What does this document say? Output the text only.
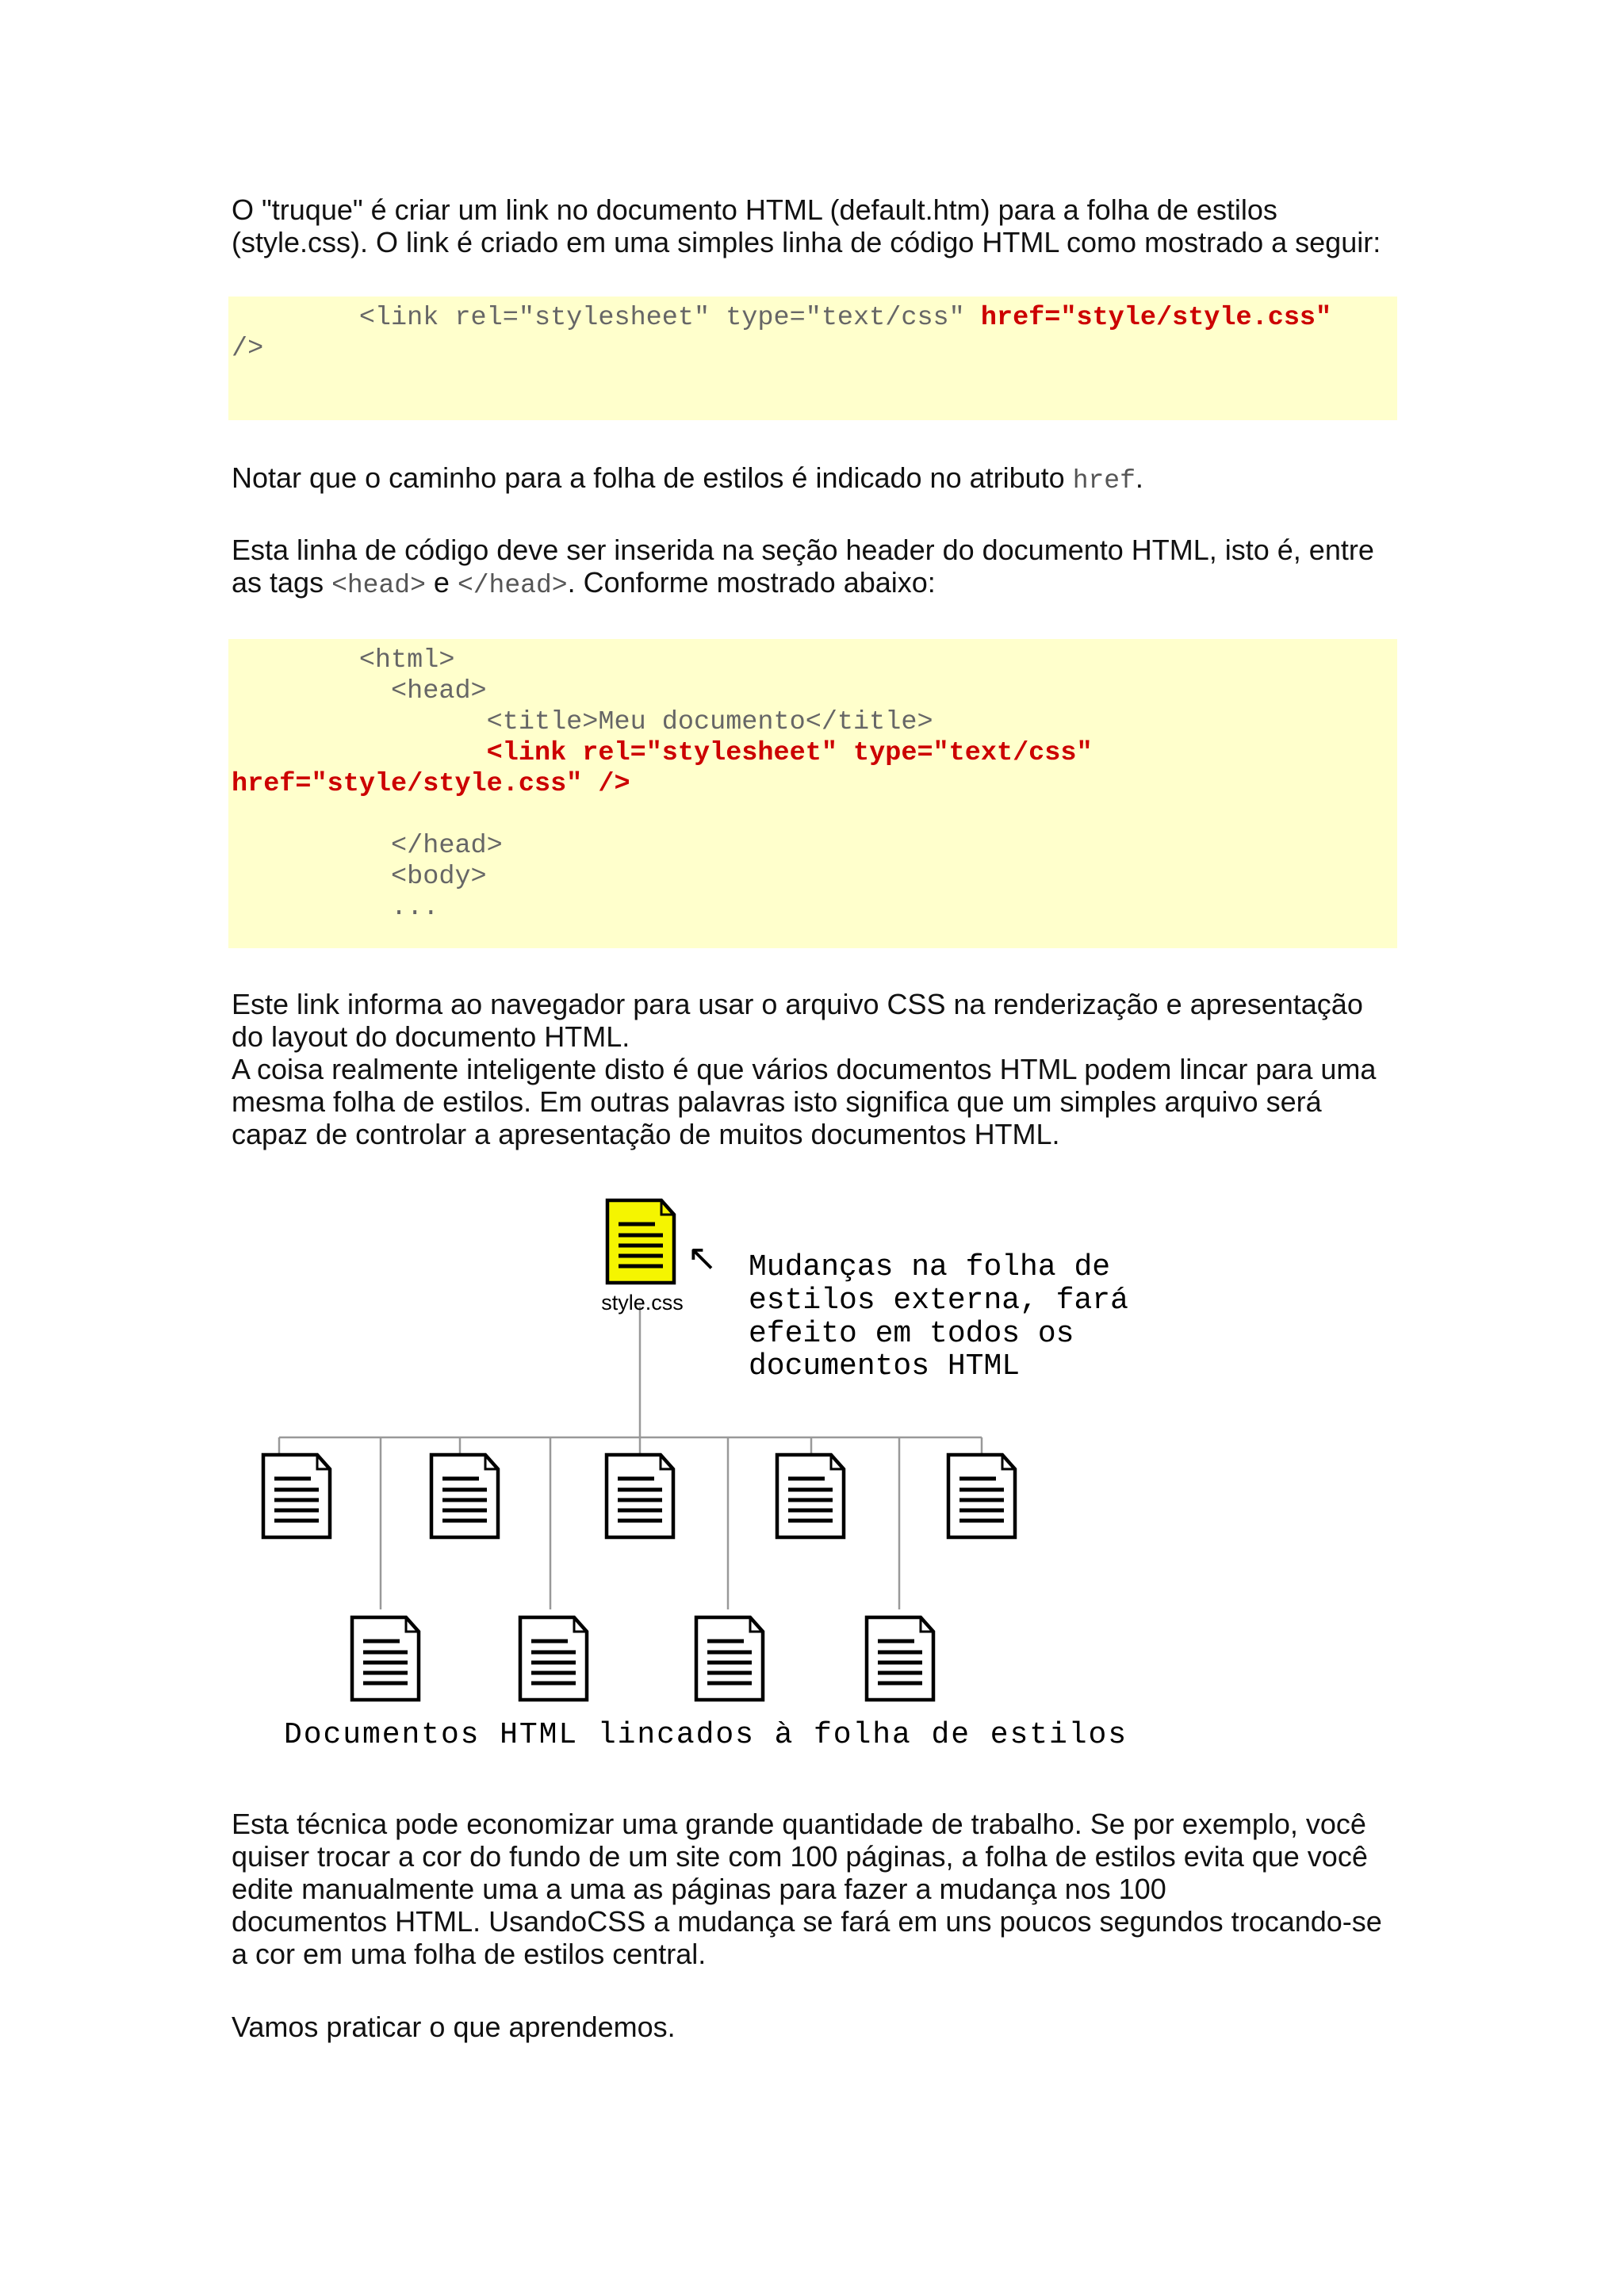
O "truque" é criar um link no documento HTML (default.htm) para a folha de estilos
(style.css). O link é criado em uma simples linha de código HTML como mostrado a seguir:

<link rel="stylesheet" type="text/css" href="style/style.css"
/>

Notar que o caminho para a folha de estilos é indicado no atributo href.

Esta linha de código deve ser inserida na seção header do documento HTML, isto é, entre
as tags <head> e </head>. Conforme mostrado abaixo:

<html>
<head>
<title>Meu documento</title>
<link rel="stylesheet" type="text/css"
href="style/style.css" />

</head>
<body>
...

Este link informa ao navegador para usar o arquivo CSS na renderização e apresentação
do layout do documento HTML.
A coisa realmente inteligente disto é que vários documentos HTML podem lincar para uma
mesma folha de estilos. Em outras palavras isto significa que um simples arquivo será
capaz de controlar a apresentação de muitos documentos HTML.

style.css
↖ Mudanças na folha de
estilos externa, fará
efeito em todos os
documentos HTML
Documentos HTML lincados à folha de estilos

Esta técnica pode economizar uma grande quantidade de trabalho. Se por exemplo, você
quiser trocar a cor do fundo de um site com 100 páginas, a folha de estilos evita que você
edite manualmente uma a uma as páginas para fazer a mudança nos 100
documentos HTML. UsandoCSS a mudança se fará em uns poucos segundos trocando-se
a cor em uma folha de estilos central.

Vamos praticar o que aprendemos.
